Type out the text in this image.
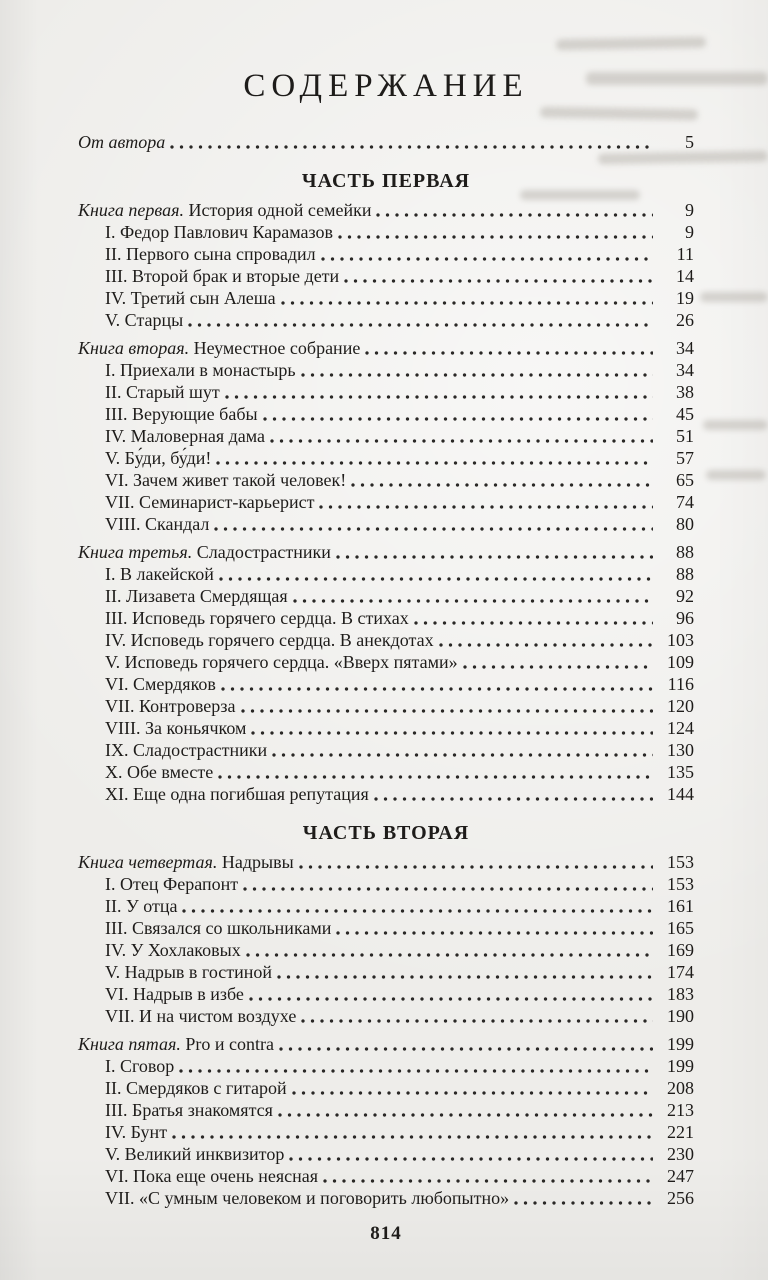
СОДЕРЖАНИЕ
От автора	5
ЧАСТЬ ПЕРВАЯ
Книга первая. История одной семейки	9
I. Федор Павлович Карамазов	9
II. Первого сына спровадил	11
III. Второй брак и вторые дети	14
IV. Третий сын Алеша	19
V. Старцы	26
Книга вторая. Неуместное собрание	34
I. Приехали в монастырь	34
II. Старый шут	38
III. Верующие бабы	45
IV. Маловерная дама	51
V. Бу́ди, бу́ди!	57
VI. Зачем живет такой человек!	65
VII. Семинарист-карьерист	74
VIII. Скандал	80
Книга третья. Сладострастники	88
I. В лакейской	88
II. Лизавета Смердящая	92
III. Исповедь горячего сердца. В стихах	96
IV. Исповедь горячего сердца. В анекдотах	103
V. Исповедь горячего сердца. «Вверх пятами»	109
VI. Смердяков	116
VII. Контроверза	120
VIII. За коньячком	124
IX. Сладострастники	130
X. Обе вместе	135
XI. Еще одна погибшая репутация	144
ЧАСТЬ ВТОРАЯ
Книга четвертая. Надрывы	153
I. Отец Ферапонт	153
II. У отца	161
III. Связался со школьниками	165
IV. У Хохлаковых	169
V. Надрыв в гостиной	174
VI. Надрыв в избе	183
VII. И на чистом воздухе	190
Книга пятая. Pro и contra	199
I. Сговор	199
II. Смердяков с гитарой	208
III. Братья знакомятся	213
IV. Бунт	221
V. Великий инквизитор	230
VI. Пока еще очень неясная	247
VII. «С умным человеком и поговорить любопытно»	256
814
